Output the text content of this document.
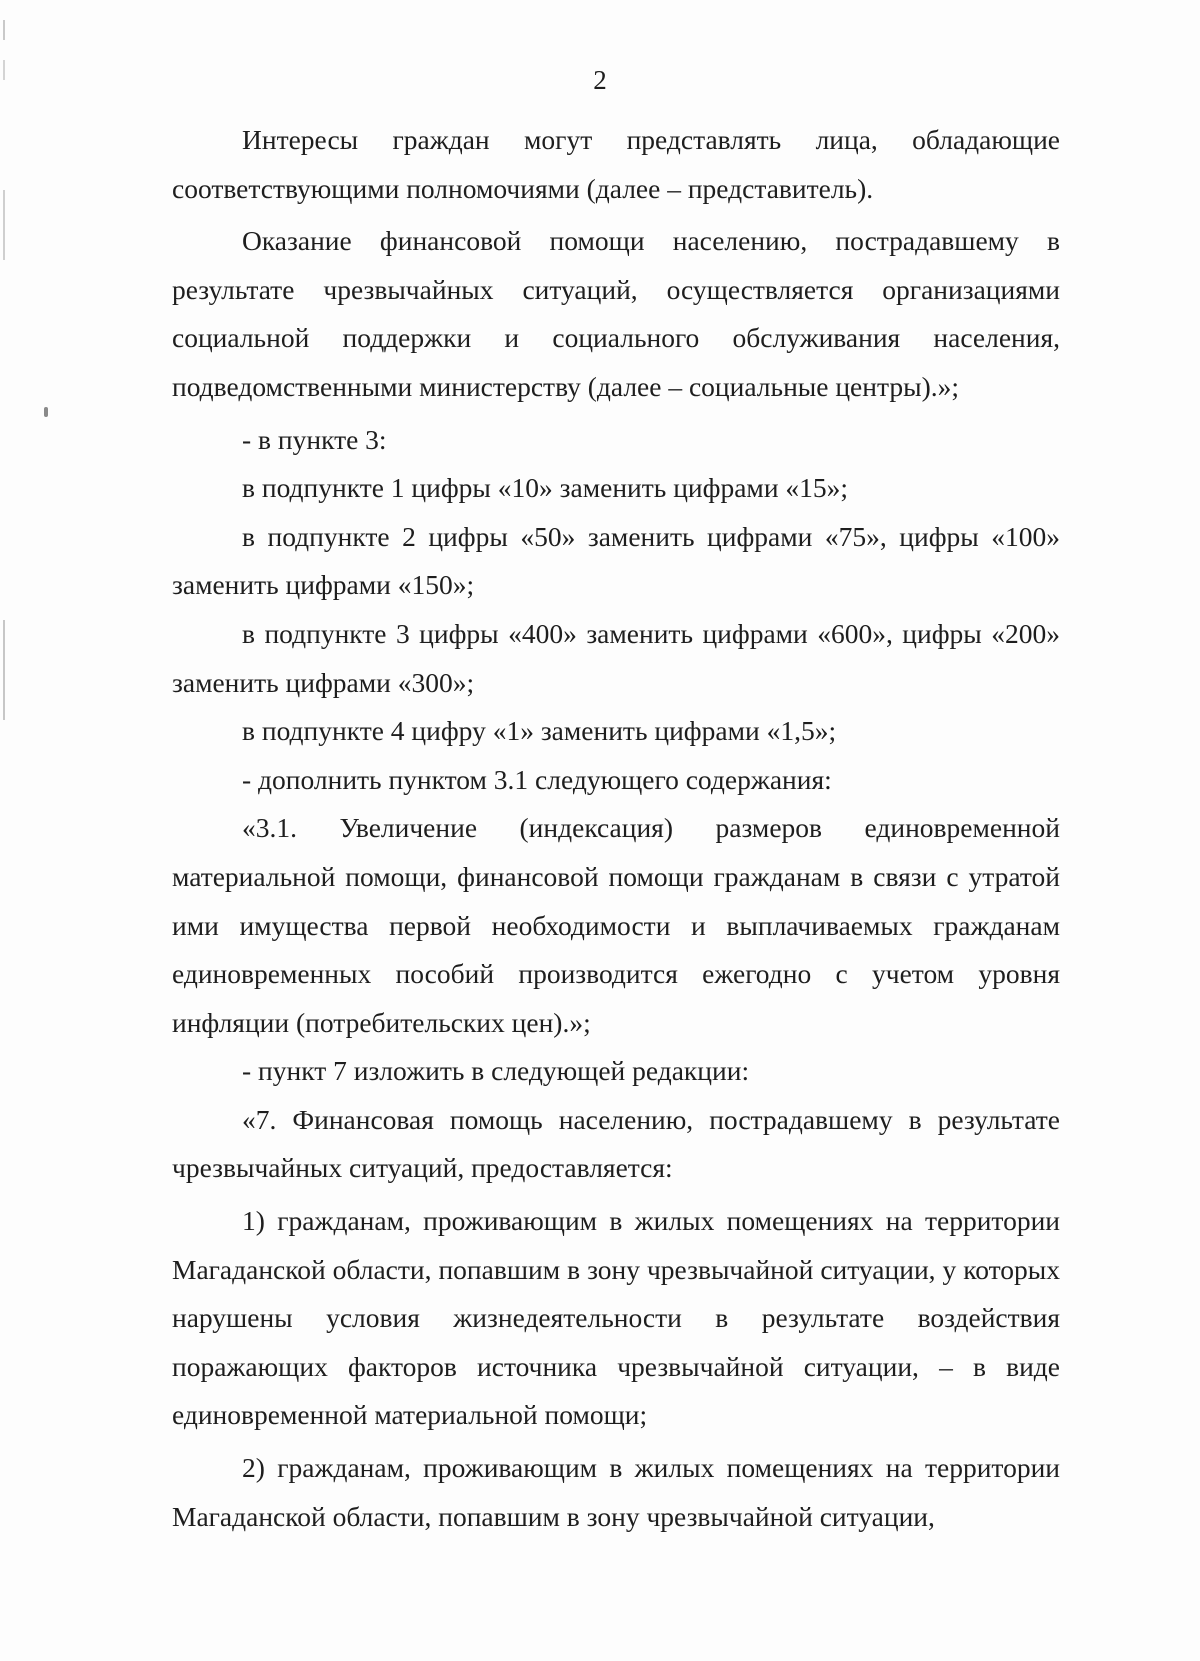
2

Интересы граждан могут представлять лица, обладающие соответствующими полномочиями (далее – представитель).

Оказание финансовой помощи населению, пострадавшему в результате чрезвычайных ситуаций, осуществляется организациями социальной поддержки и социального обслуживания населения, подведомственными министерству (далее – социальные центры).»;

- в пункте 3:

в подпункте 1 цифры «10» заменить цифрами «15»;

в подпункте 2 цифры «50» заменить цифрами «75», цифры «100» заменить цифрами «150»;

в подпункте 3 цифры «400» заменить цифрами «600», цифры «200» заменить цифрами «300»;

в подпункте 4 цифру «1» заменить цифрами «1,5»;

- дополнить пунктом 3.1 следующего содержания:

«3.1. Увеличение (индексация) размеров единовременной материальной помощи, финансовой помощи гражданам в связи с утратой ими имущества первой необходимости и выплачиваемых гражданам единовременных пособий производится ежегодно с учетом уровня инфляции (потребительских цен).»;

- пункт 7 изложить в следующей редакции:

«7. Финансовая помощь населению, пострадавшему в результате чрезвычайных ситуаций, предоставляется:

1) гражданам, проживающим в жилых помещениях на территории Магаданской области, попавшим в зону чрезвычайной ситуации, у которых нарушены условия жизнедеятельности в результате воздействия поражающих факторов источника чрезвычайной ситуации, – в виде единовременной материальной помощи;

2) гражданам, проживающим в жилых помещениях на территории Магаданской области, попавшим в зону чрезвычайной ситуации,
